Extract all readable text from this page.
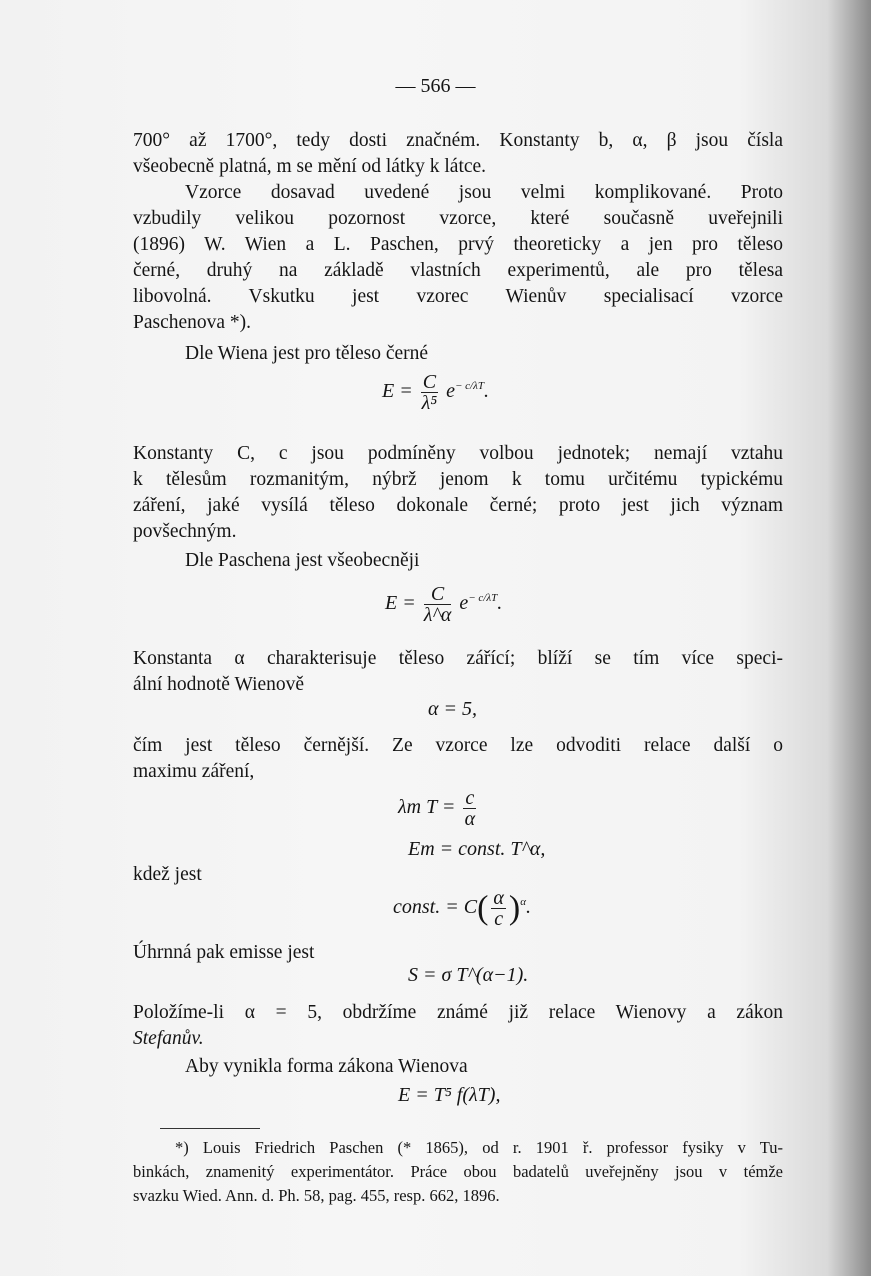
— 566 —
700° až 1700°, tedy dosti značném. Konstanty b, α, β jsou čísla
všeobecně platná, m se mění od látky k látce.
Vzorce dosavad uvedené jsou velmi komplikované. Proto
vzbudily velikou pozornost vzorce, které současně uveřejnili
(1896) W. Wien a L. Paschen, prvý theoreticky a jen pro těleso
černé, druhý na základě vlastních experimentů, ale pro tělesa
libovolná. Vskutku jest vzorec Wienův specialisací vzorce
Paschenova *).
Dle Wiena jest pro těleso černé
$E = \frac{C}{\text{λ⁵}} e^{- c/\lambda T}$.
Konstanty C, c jsou podmíněny volbou jednotek; nemají vztahu
k tělesům rozmanitým, nýbrž jenom k tomu určitému typickému
záření, jaké vysílá těleso dokonale černé; proto jest jich význam
povšechným.
Dle Paschena jest všeobecněji
$E = \frac{C}{\lambda\^{}\alpha} e^{- c/\lambda T}$.
Konstanta α charakterisuje těleso zářící; blíží se tím více speci-
ální hodnotě Wienově
α = 5,
čím jest těleso černější. Ze vzorce lze odvoditi relace další o
maximu záření,
λm $T = \frac{c}{\alpha}$
Em = const. T^α,
kdež jest
const. = $C( \frac{\alpha}{c} )^\alpha$.
Úhrnná pak emisse jest
S = σ T^(α−1).
Položíme-li α = 5, obdržíme známé již relace Wienovy a zákon
Stefanův.
Aby vynikla forma zákona Wienova
E = T⁵ f(λT),
*) Louis Friedrich Paschen (* 1865), od r. 1901 ř. professor fysiky v Tu-
binkách, znamenitý experimentátor. Práce obou badatelů uveřejněny jsou v témže
svazku Wied. Ann. d. Ph. 58, pag. 455, resp. 662, 1896.
